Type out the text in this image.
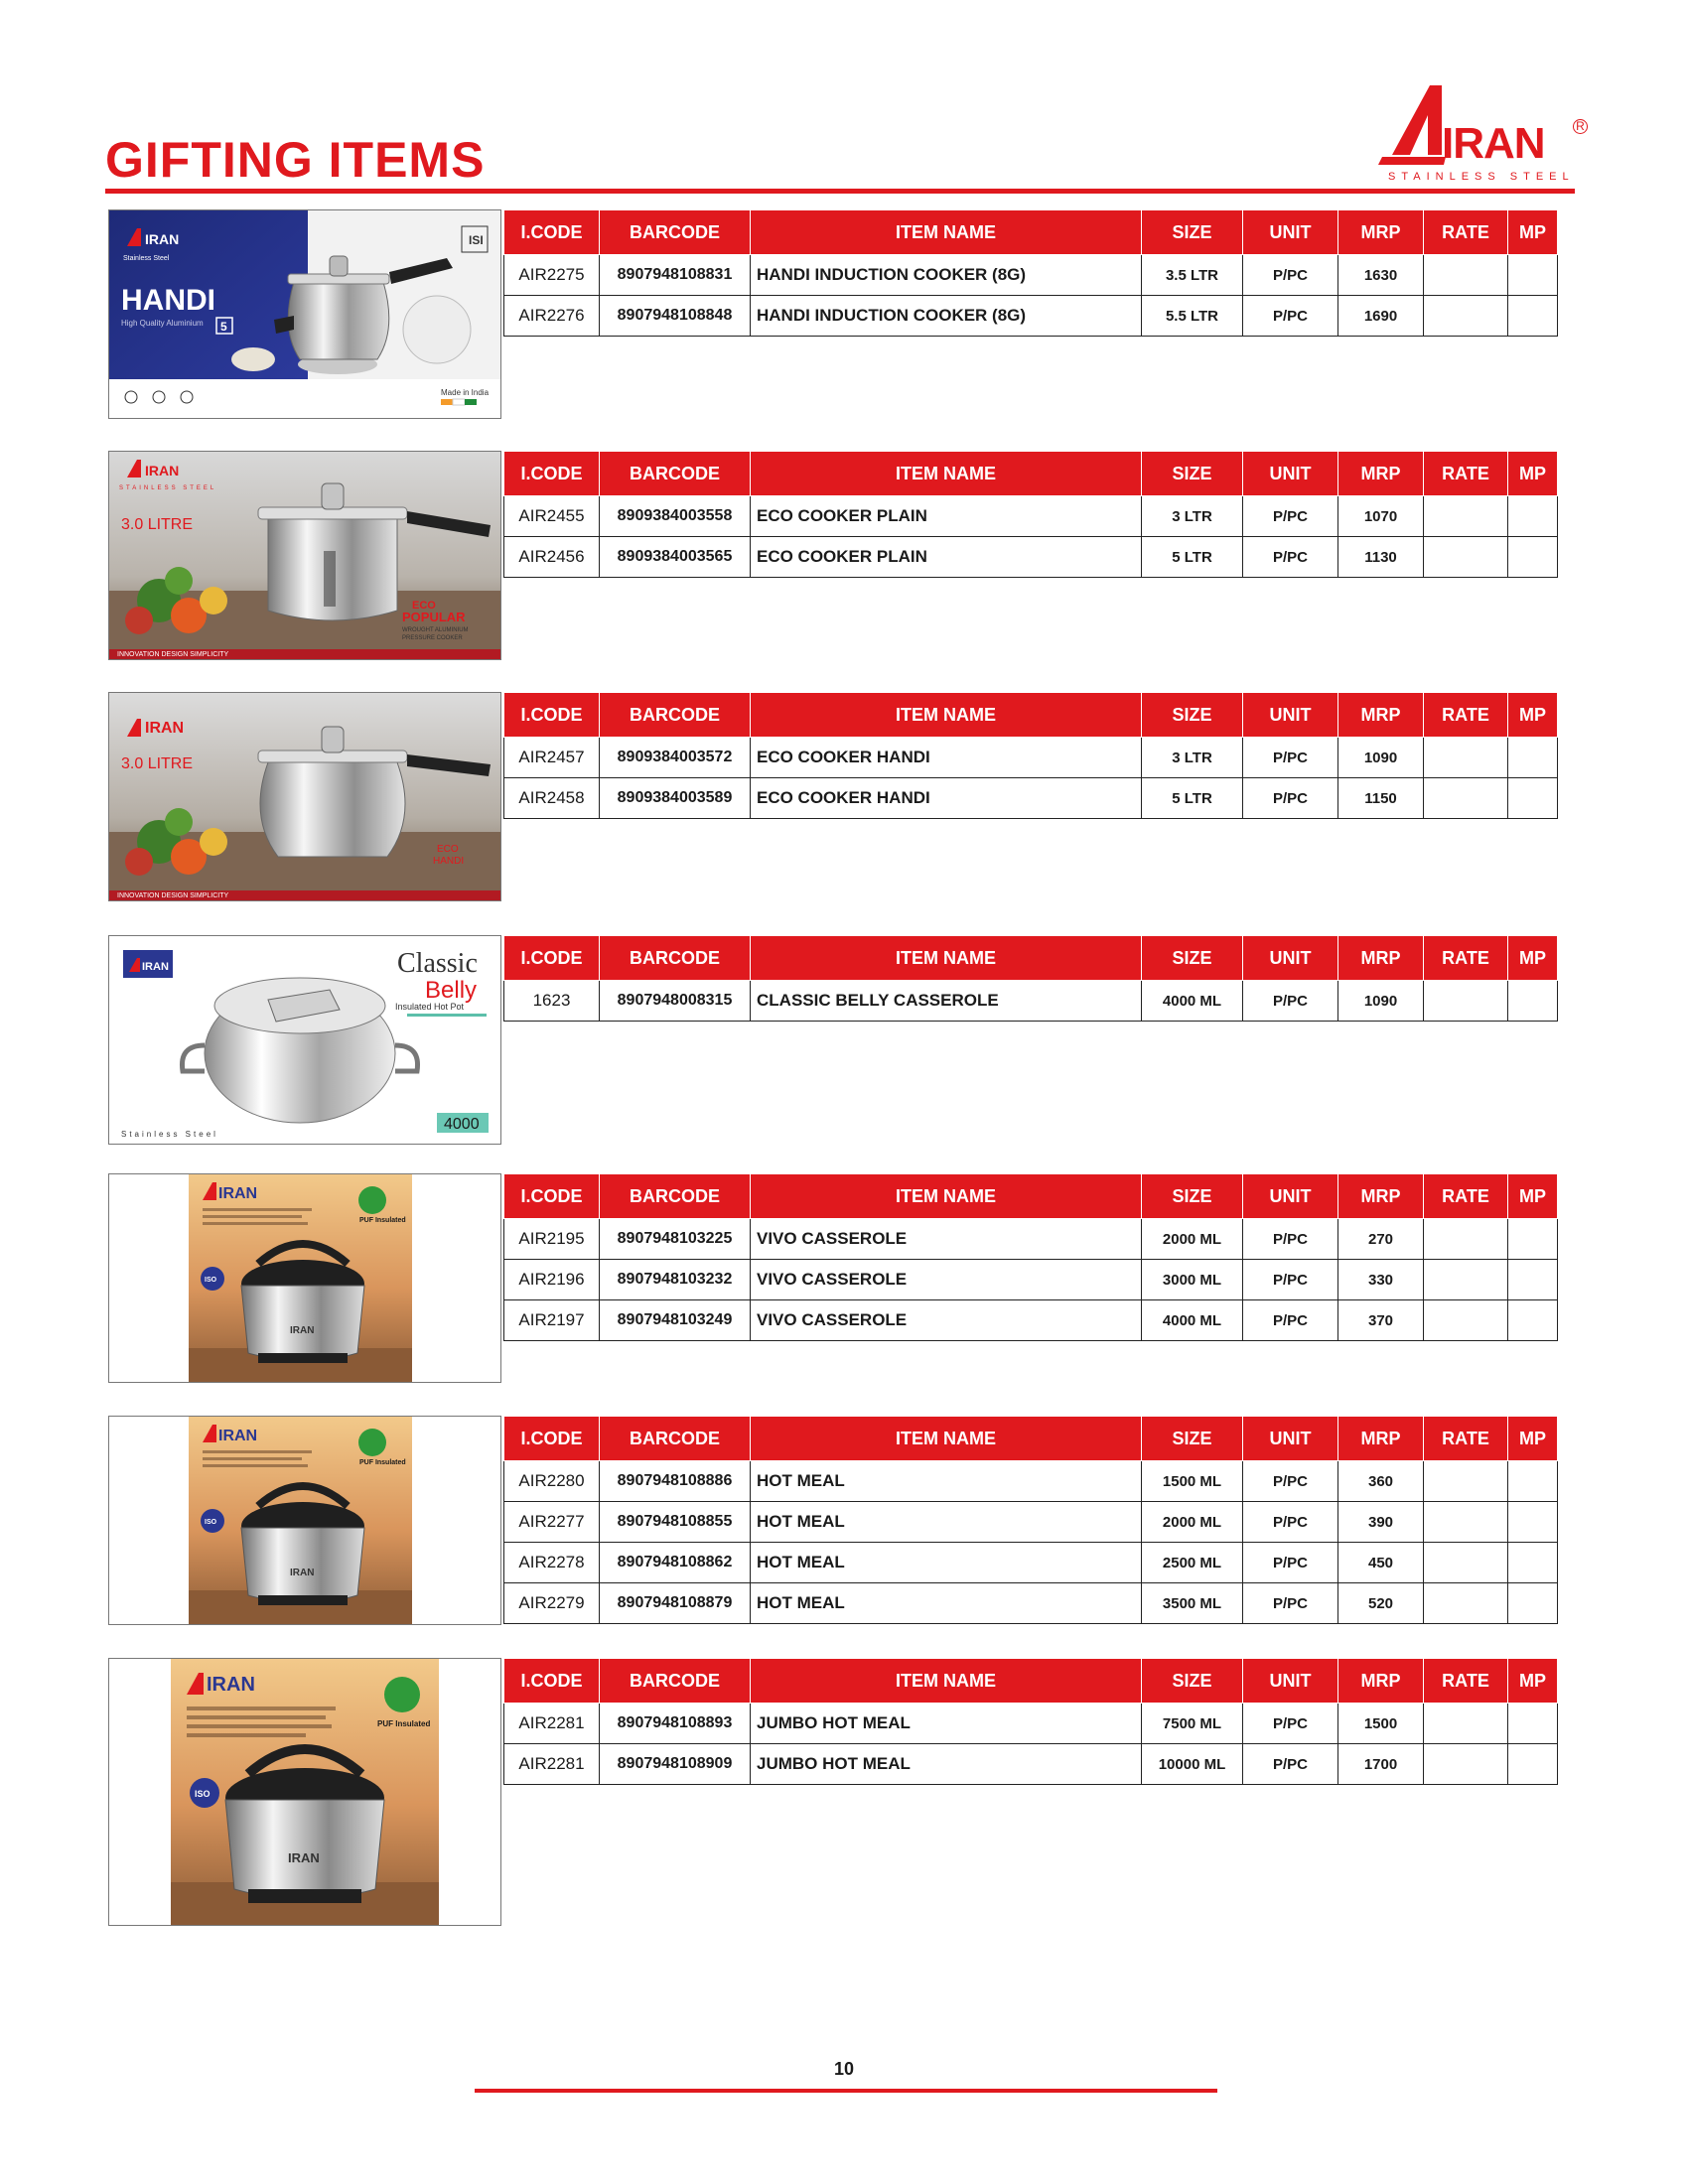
GIFTING ITEMS	IRAN	R
STAINLESS STEEL
IRAN
Stainless Steel
HANDI
High Quality Aluminium 5
ISI
Made in India
I.CODE	BARCODE	ITEM NAME	SIZE	UNIT	MRP	RATE	MP
AIR2275	8907948108831	HANDI INDUCTION COOKER (8G)	3.5 LTR	P/PC	1630		
AIR2276	8907948108848	HANDI INDUCTION COOKER (8G)	5.5 LTR	P/PC	1690		
IRAN
STAINLESS STEEL
3.0 LITRE
ECO
POPULAR
WROUGHT ALUMINIUM
PRESSURE COOKER
INNOVATION DESIGN SIMPLICITY
I.CODE	BARCODE	ITEM NAME	SIZE	UNIT	MRP	RATE	MP
AIR2455	8909384003558	ECO COOKER PLAIN	3 LTR	P/PC	1070		
AIR2456	8909384003565	ECO COOKER PLAIN	5 LTR	P/PC	1130		
IRAN
3.0 LITRE
ECO
HANDI
INNOVATION DESIGN SIMPLICITY
I.CODE	BARCODE	ITEM NAME	SIZE	UNIT	MRP	RATE	MP
AIR2457	8909384003572	ECO COOKER HANDI	3 LTR	P/PC	1090		
AIR2458	8909384003589	ECO COOKER HANDI	5 LTR	P/PC	1150		
IRAN	Classic
Belly
Insulated Hot Pot
4000
Stainless Steel
I.CODE	BARCODE	ITEM NAME	SIZE	UNIT	MRP	RATE	MP
1623	8907948008315	CLASSIC BELLY CASSEROLE	4000 ML	P/PC	1090		
IRAN
PUF Insulated
ISO
IRAN
I.CODE	BARCODE	ITEM NAME	SIZE	UNIT	MRP	RATE	MP
AIR2195	8907948103225	VIVO CASSEROLE	2000 ML	P/PC	270		
AIR2196	8907948103232	VIVO CASSEROLE	3000 ML	P/PC	330		
AIR2197	8907948103249	VIVO CASSEROLE	4000 ML	P/PC	370		
IRAN
PUF Insulated
ISO
IRAN
I.CODE	BARCODE	ITEM NAME	SIZE	UNIT	MRP	RATE	MP
AIR2280	8907948108886	HOT MEAL	1500 ML	P/PC	360		
AIR2277	8907948108855	HOT MEAL	2000 ML	P/PC	390		
AIR2278	8907948108862	HOT MEAL	2500 ML	P/PC	450		
AIR2279	8907948108879	HOT MEAL	3500 ML	P/PC	520		
IRAN
PUF Insulated
ISO
IRAN
I.CODE	BARCODE	ITEM NAME	SIZE	UNIT	MRP	RATE	MP
AIR2281	8907948108893	JUMBO HOT MEAL	7500 ML	P/PC	1500		
AIR2281	8907948108909	JUMBO HOT MEAL	10000 ML	P/PC	1700		
10
